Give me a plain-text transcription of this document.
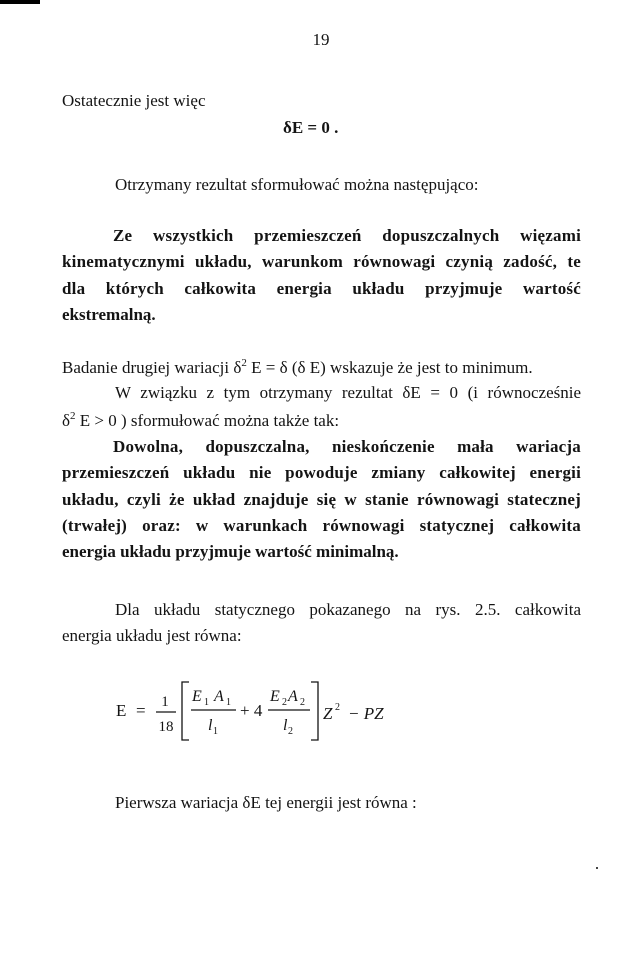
19
Ostatecznie jest więc
δE = 0 .
Otrzymany rezultat sformułować można następująco:
Ze wszystkich przemieszczeń dopuszczalnych więzami
kinematycznymi układu, warunkom równowagi czynią zadość, te
dla których całkowita energia układu przyjmuje wartość
ekstremalną.
Badanie drugiej wariacji $\delta^2$ E = δ (δ E) wskazuje że jest to minimum.
W związku z tym otrzymany rezultat δE = 0 (i równocześnie
$\delta^2$ E > 0 ) sformułować można także tak:
Dowolna, dopuszczalna, nieskończenie mała wariacja
przemieszczeń układu nie powoduje zmiany całkowitej energii
układu, czyli że układ znajduje się w stanie równowagi statecznej
(trwałej) oraz: w warunkach równowagi statycznej całkowita
energia układu przyjmuje wartość minimalną.
Dla układu statycznego pokazanego na rys. 2.5. całkowita
energia układu jest równa:
E = 1
18
E 1 A 1
l 1
+ 4
E 2 A 2
l 2
Z 2 − PZ
Pierwsza wariacja δE tej energii jest równa :
